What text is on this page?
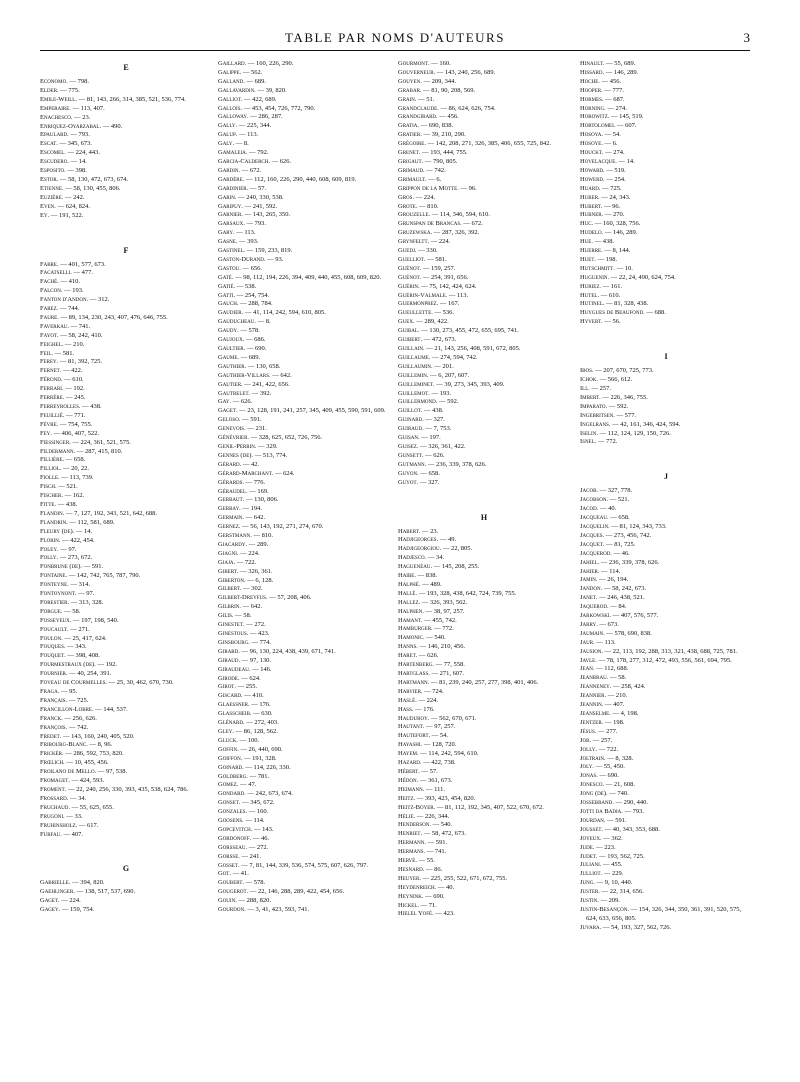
TABLE PAR NOMS D'AUTEURS	3
E
Economo. — 798.
Elder. — 775.
Emile-Weill. — 81, 143, 266, 314, 385, 521, 536, 774.
Emperaire. — 113, 407.
Enachesco. — 23.
Enriquez-Oyarzabal. — 490.
Epaulard. — 793.
Escat. — 345, 673.
Escomel. — 224, 443.
Escudero. — 14.
Esposito. — 398.
Estor. — 58, 130, 472, 673, 674.
Etienne. — 58, 130, 455, 806.
Euzière. — 242.
Even. — 624, 824.
Ey. — 191, 522.
F
Fabre. — 401, 577, 673.
Facatselli. — 477.
Faché. — 410.
Falcon. — 193.
Fanton d'Andon. — 312.
Farez. — 744.
Faure. — 89, 134, 230, 243, 407, 476, 646, 755.
Faverkau. — 741.
Fayot. — 58, 242, 410.
Feighel. — 210.
Feil. — 581.
Ferey. — 81, 392, 725.
Fernet. — 422.
Férond. — 610.
Ferrari. — 192.
Ferrère. — 245.
Ferreyrolles. — 438.
Feuillié. — 771.
Fèvre. — 754, 755.
Fey. — 406, 407, 522.
Fiessinger. — 224, 361, 521, 575.
Fildermann. — 287, 415, 810.
Fillière. — 658.
Filliol. — 20, 22.
Fiolle. — 113, 739.
Fisch. — 521.
Fischer. — 162.
Fitte. — 438.
Flandin. — 7, 127, 192, 343, 521, 642, 688.
Flandrin. — 112, 581, 689.
Fleury (de). — 14.
Florin. — 422, 454.
Foley. — 97.
Folly. — 273, 672.
Fonbrune (de). — 591.
Fontaine. — 142, 742, 765, 787, 790.
Fonteyne. — 314.
Fontoynont. — 97.
Forestier. — 313, 328.
Forgue. — 58.
Fosseyeux. — 197, 198, 540.
Foucault. — 271.
Foulon. — 25, 417, 624.
Fouques. — 343.
Fouquet. — 398, 408.
Fourmestraux (de). — 192.
Fournier. — 40, 254, 391.
Foveau de Courmelles. — 25, 30, 462, 670, 730.
Fraga. — 95.
Français. — 725.
Francillon-Lobre. — 144, 537.
Franck. — 256, 626.
François. — 742.
Fredet. — 143, 160, 240, 405, 520.
Fribourg-Blanc. — 8, 96.
Frickér. — 286, 592, 753, 820.
Frœlich. — 10, 455, 456.
Froilano de Mello. — 97, 538.
Fromaget. — 424, 593.
Froment. — 22, 240, 256, 330, 393, 435, 538, 624, 786.
Frossard. — 34.
Fruchaud. — 55, 625, 655.
Frugoni. — 33.
Fruhinsholz. — 617.
Furfau. — 407.
G
Gabrielle. — 394, 820.
Gaehlinger. — 138, 517, 537, 690.
Gaget. — 224.
Gagey. — 159, 754.
Gaillard. — 160, 226, 290.
Galippe. — 562.
Galland. — 689.
Gallavardin. — 39, 820.
Galliot. — 422, 689.
Gallois. — 453, 454, 726, 772, 790.
Galloway. — 286, 287.
Gally. — 225, 344.
Galup. — 113.
Galy. — 8.
Gamaleia. — 792.
Garcia-Calderch. — 626.
Gardin. — 672.
Gardère. — 112, 160, 226, 290, 440, 608, 609, 819.
Gardinier. — 57.
Garin. — 240, 330, 538.
Garipuy. — 241, 592.
Garnier. — 143, 265, 350.
Garsaux. — 793.
Gary. — 113.
Gasne. — 393.
Gastinel. — 159, 233, 819.
Gaston-Durand. — 93.
Gastou. — 656.
Gaté. — 98, 112, 194, 226, 394, 409, 440, 455, 608, 609, 820.
Gatié. — 538.
Gatti. — 254, 754.
Gauch. — 288, 784.
Gaudier. — 41, 114, 242, 594, 610, 805.
Gauducheau. — 8.
Gaudy. — 578.
Gaujoux. — 686.
Gaultier. — 690.
Gaume. — 689.
Gauthier. — 130, 658.
Gauthier-Villars. — 642.
Gautier. — 241, 422, 656.
Gautrelet. — 392.
Gay. — 626.
Gaget. — 23, 128, 191, 241, 257, 345, 409, 455, 590, 591, 609.
Geloso. — 591.
Genevois. — 231.
Génévrier. — 328, 625, 652, 726, 756.
Genil-Perrin. — 329.
Gennes (de). — 513, 774.
Gérard. — 42.
Gérard-Marchant. — 624.
Gérards. — 776.
Géraudel. — 169.
Gerbaut. — 130, 806.
Gerbay. — 194.
Germain. — 642.
Gernez. — 56, 143, 192, 271, 274, 670.
Gerstmann. — 810.
Giacardy. — 289.
Giagni. — 224.
Giaja. — 722.
Gibert. — 326, 361.
Giberton. — 6, 128.
Gilbert. — 302.
Gilbert-Dreyfus. — 57, 208, 406.
Gilbrin. — 642.
Gilis. — 58.
Ginestet. — 272.
Ginestous. — 423.
Ginsbourg. — 774.
Girard. — 96, 130, 224, 438, 439, 671, 741.
Giraud. — 97, 130.
Giraudeau. — 146.
Girode. — 624.
Girot. — 255.
Giscard. — 410.
Glaessner. — 176.
Glasscheib. — 630.
Glénard. — 272, 403.
Gley. — 86, 128, 562.
Gluck. — 100.
Goffin. — 26, 440, 690.
Goiffon. — 191, 328.
Goinard. — 114, 226, 330.
Goldberg. — 781.
Gomez. — 47.
Gondard. — 242, 673, 674.
Gonset. — 345, 672.
Gonzales. — 160.
Goosens. — 114.
Gopcevitch. — 143.
Gordonoff. — 46.
Gorsseau. — 272.
Gorsse. — 241.
Gosset. — 7, 81, 144, 339, 536, 574, 575, 607, 626, 797.
Got. — 41.
Goubert. — 578.
Gougerot. — 22, 146, 288, 289, 422, 454, 656.
Gouin. — 288, 820.
Gourdon. — 3, 41, 423, 593, 741.
Gourmont. — 160.
Gouverneur. — 143, 240, 256, 689.
Gouyen. — 209, 344.
Grabar. — 81, 90, 208, 569.
Grain. — 51.
Grandclaude. — 86, 624, 626, 754.
Grandgirard. — 456.
Gratia. — 690, 838.
Gratier. — 39, 210, 290.
Grégoire. — 142, 208, 271, 326, 385, 406, 655, 725, 842.
Grenet. — 193, 444, 755.
Grigaut. — 790, 805.
Grimaud. — 742.
Grimault. — 6.
Grippon de la Motte. — 96.
Gros. — 224.
Grote. — 810.
Grouzelle. — 114, 346, 594, 610.
Grunspan de Brancas. — 672.
Gruzewska. — 287, 326, 392.
Grynfeltt. — 224.
Guedj. — 330.
Guelliot. — 581.
Guénot. — 159, 257.
Guénot. — 254, 391, 656.
Guérin. — 75, 142, 424, 624.
Guérin-Valmale. — 113.
Guermonprez. — 167.
Gueullette. — 536.
Guex. — 289, 422.
Guibal. — 130, 273, 455, 472, 655, 695, 741.
Guibert. — 472, 673.
Guillain. — 21, 143, 256, 408, 591, 672, 805.
Guillaume. — 274, 594, 742.
Guillaumin. — 201.
Guillemin. — 6, 207, 607.
Guilleminet. — 39, 273, 345, 393, 409.
Guillemot. — 193.
Guillermond. — 592.
Guillot. — 438.
Guinard. — 327.
Guiraud. — 7, 753.
Guisan. — 197.
Guisez. — 326, 361, 422.
Gunsett. — 626.
Gutmann. — 236, 339, 378, 626.
Guyon. — 658.
Guyot. — 327.
H
Habert. — 23.
Hadjigeorges. — 49.
Hadjigeorgiou. — 22, 805.
Hadjesco. — 34.
Haguenéau. — 145, 208, 255.
Haibe. — 838.
Halphé. — 489.
Hallé. — 193, 328, 438, 642, 724, 739, 755.
Hallez. — 326, 393, 562.
Halphen. — 38, 97, 257.
Hamant. — 455, 742.
Hamburger. — 772.
Hamonic. — 540.
Hanns. — 146, 210, 456.
Haret. — 626.
Hartenberg. — 77, 558.
Hartglass. — 271, 607.
Hartmann. — 81, 239, 240, 257, 277, 398, 401, 406.
Harvier. — 724.
Haslé. — 224.
Hass. — 176.
Hauduroy. — 562, 670, 671.
Hautant. — 97, 257.
Hautefort. — 54.
Hayashi. — 128, 720.
Hayem. — 114, 242, 594, 610.
Hazard. — 422, 738.
Hébert. — 57.
Hédon. — 361, 673.
Heimann. — 111.
Heitz. — 393, 423, 454, 820.
Heitz-Boyer. — 81, 112, 192, 345, 407, 522, 670, 672.
Hélie. — 226, 344.
Henderson. — 540.
Henriet. — 58, 472, 673.
Hermann. — 591.
Hermans. — 741.
Hervé. — 55.
Hesnard. — 86.
Heuyer. — 225, 255, 522, 671, 672, 755.
Heydenreich. — 40.
Heynink. — 690.
Hickel. — 71.
Hielel Yofé. — 423.
Hinault. — 55, 689.
Hissard. — 146, 289.
Hoche. — 456.
Hooper. — 777.
Hormes. — 687.
Horning. — 274.
Horowitz. — 145, 519.
Hortolomei. — 607.
Hosoya. — 54.
Hosoye. — 6.
Houckt. — 274.
Hovelacque. — 14.
Howard. — 519.
Howerd. — 254.
Huard. — 725.
Huber. — 24, 343.
Hubert. — 96.
Hubner. — 270.
Huc. — 160, 328, 756.
Hudelo. — 146, 289.
Hue. — 438.
Huerre. — 8, 144.
Huet. — 198.
Hutschmitt. — 10.
Huguenin. — 22, 24, 490, 624, 754.
Huriez. — 161.
Hutel. — 610.
Hutinel. — 81, 328, 438.
Huygues de Beaufond. — 688.
Hyvert. — 56.
I
Ibos. — 207, 670, 725, 773.
Ichok. — 566, 612.
Ill. — 257.
Imbert. — 226, 346, 755.
Imparato. — 592.
Ingebritsen. — 577.
Ingelrans. — 42, 161, 346, 424, 594.
Iselin. — 112, 124, 129, 150, 726.
Isnel. — 772.
J
Jacob. — 327, 778.
Jacobson. — 521.
Jacod. — 40.
Jacqueau. — 658.
Jacquelin. — 81, 124, 343, 733.
Jacques. — 273, 456, 742.
Jacquet. — 81, 725.
Jacquerod. — 46.
Jahiel. — 236, 339, 378, 626.
Jahier. — 114.
Jamin. — 26, 194.
Jandon. — 58, 242, 673.
Janet. — 246, 438, 521.
Jaquerod. — 84.
Jarkowski. — 407, 576, 577.
Jarry. — 673.
Jaumain. — 578, 690, 838.
Jaur. — 113.
Jausion. — 22, 113, 192, 288, 313, 321, 438, 688, 725, 781.
Javle. — 78, 178, 277, 312, 472, 493, 556, 561, 694, 795.
Jean. — 112, 688.
Jeanbrau. — 58.
Jeanneney. — 258, 424.
Jeannier. — 210.
Jeannin. — 407.
Jeanselme. — 4, 198.
Jentzer. — 198.
Jésus. — 277.
Job. — 257.
Jolly. — 722.
Joltrain. — 8, 328.
Joly. — 55, 450.
Jonas. — 690.
Jonesco. — 21, 608.
Jong (de). — 740.
Jossebrand. — 290, 440.
Jotti da Badia. — 793.
Jourdan. — 591.
Jousset. — 40, 343, 353, 688.
Joyeux. — 362.
Jude. — 223.
Judet. — 193, 562, 725.
Juliani. — 455.
Julliot. — 229.
Jung. — 9, 10, 440.
Juster. — 22, 314, 656.
Justin. — 209.
Justin-Besançon. — 154, 326, 344, 350, 361, 391, 520, 575, 624, 633, 656, 805.
Juvara. — 54, 193, 327, 562, 726.
